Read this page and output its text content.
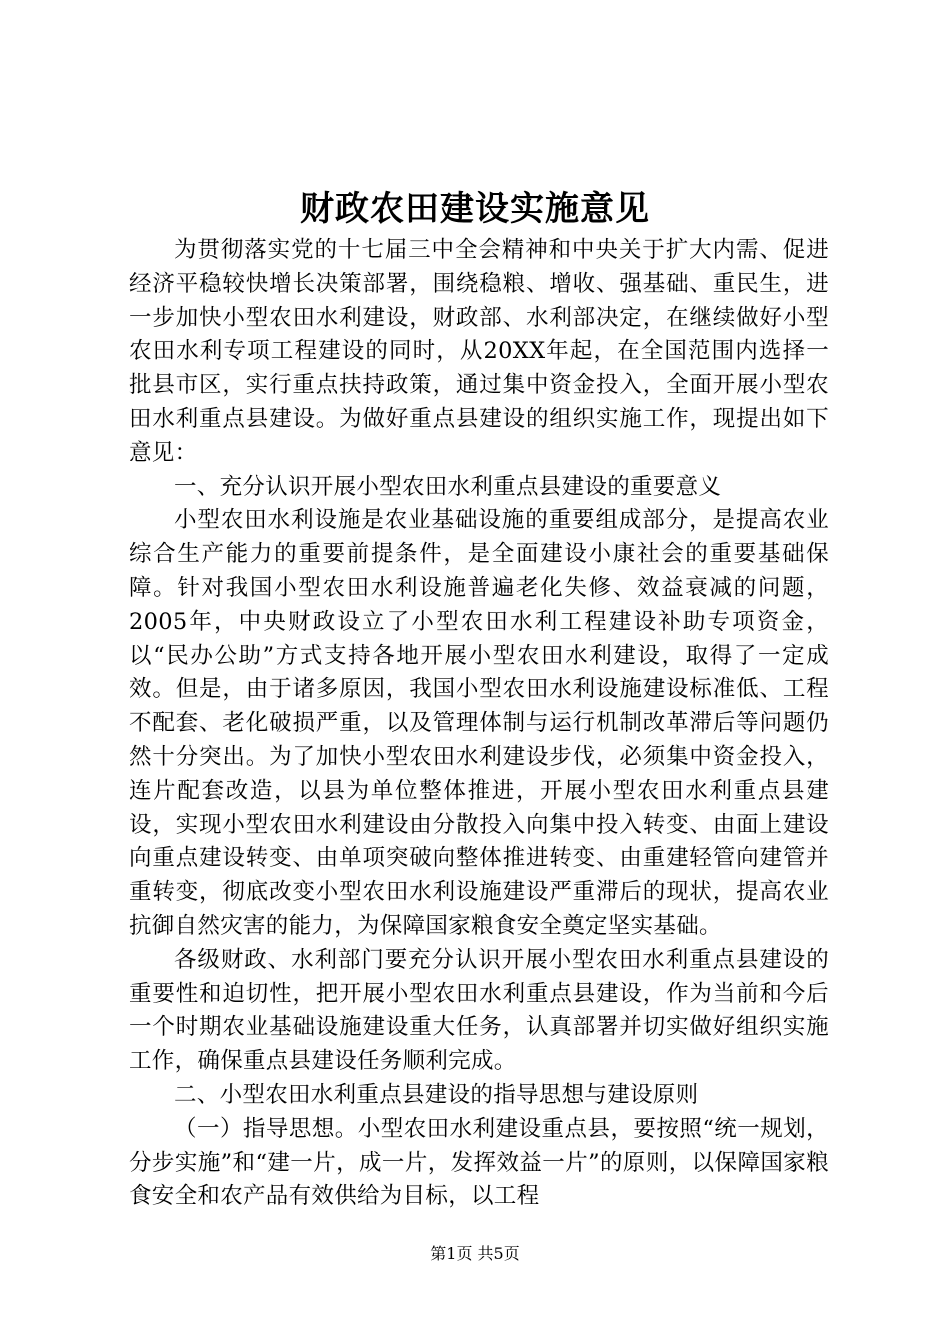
财政农田建设实施意见

为贯彻落实党的十七届三中全会精神和中央关于扩大内需、促进经济平稳较快增长决策部署，围绕稳粮、增收、强基础、重民生，进一步加快小型农田水利建设，财政部、水利部决定，在继续做好小型农田水利专项工程建设的同时，从20XX年起，在全国范围内选择一批县市区，实行重点扶持政策，通过集中资金投入，全面开展小型农田水利重点县建设。为做好重点县建设的组织实施工作，现提出如下意见：

一、充分认识开展小型农田水利重点县建设的重要意义

小型农田水利设施是农业基础设施的重要组成部分，是提高农业综合生产能力的重要前提条件，是全面建设小康社会的重要基础保障。针对我国小型农田水利设施普遍老化失修、效益衰减的问题，2005年，中央财政设立了小型农田水利工程建设补助专项资金，以“民办公助”方式支持各地开展小型农田水利建设，取得了一定成效。但是，由于诸多原因，我国小型农田水利设施建设标准低、工程不配套、老化破损严重，以及管理体制与运行机制改革滞后等问题仍然十分突出。为了加快小型农田水利建设步伐，必须集中资金投入，连片配套改造，以县为单位整体推进，开展小型农田水利重点县建设，实现小型农田水利建设由分散投入向集中投入转变、由面上建设向重点建设转变、由单项突破向整体推进转变、由重建轻管向建管并重转变，彻底改变小型农田水利设施建设严重滞后的现状，提高农业抗御自然灾害的能力，为保障国家粮食安全奠定坚实基础。

各级财政、水利部门要充分认识开展小型农田水利重点县建设的重要性和迫切性，把开展小型农田水利重点县建设，作为当前和今后一个时期农业基础设施建设重大任务，认真部署并切实做好组织实施工作，确保重点县建设任务顺利完成。

二、小型农田水利重点县建设的指导思想与建设原则

（一）指导思想。小型农田水利建设重点县，要按照“统一规划，分步实施”和“建一片，成一片，发挥效益一片”的原则，以保障国家粮食安全和农产品有效供给为目标，以工程

第1页 共5页
